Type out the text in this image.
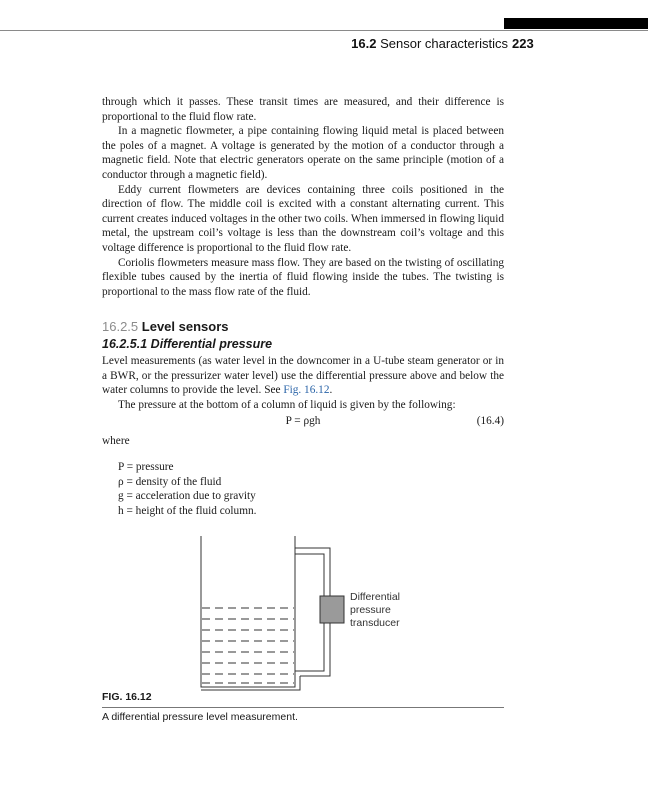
16.2 Sensor characteristics 223

through which it passes. These transit times are measured, and their difference is proportional to the fluid flow rate.

In a magnetic flowmeter, a pipe containing flowing liquid metal is placed between the poles of a magnet. A voltage is generated by the motion of a conductor through a magnetic field. Note that electric generators operate on the same principle (motion of a conductor through a magnetic field).

Eddy current flowmeters are devices containing three coils positioned in the direction of flow. The middle coil is excited with a constant alternating current. This current creates induced voltages in the other two coils. When immersed in flowing liquid metal, the upstream coil’s voltage is less than the downstream coil’s voltage and this voltage difference is proportional to the fluid flow rate.

Coriolis flowmeters measure mass flow. They are based on the twisting of oscillating flexible tubes caused by the inertia of fluid flowing inside the tubes. The twisting is proportional to the mass flow rate of the fluid.

16.2.5 Level sensors
16.2.5.1 Differential pressure

Level measurements (as water level in the downcomer in a U-tube steam generator or in a BWR, or the pressurizer water level) use the differential pressure above and below the water columns to provide the level. See Fig. 16.12.

The pressure at the bottom of a column of liquid is given by the following:

P = ρgh	(16.4)
where
P = pressure
ρ = density of the fluid
g = acceleration due to gravity
h = height of the fluid column.
Differential
pressure
transducer
FIG. 16.12
A differential pressure level measurement.
